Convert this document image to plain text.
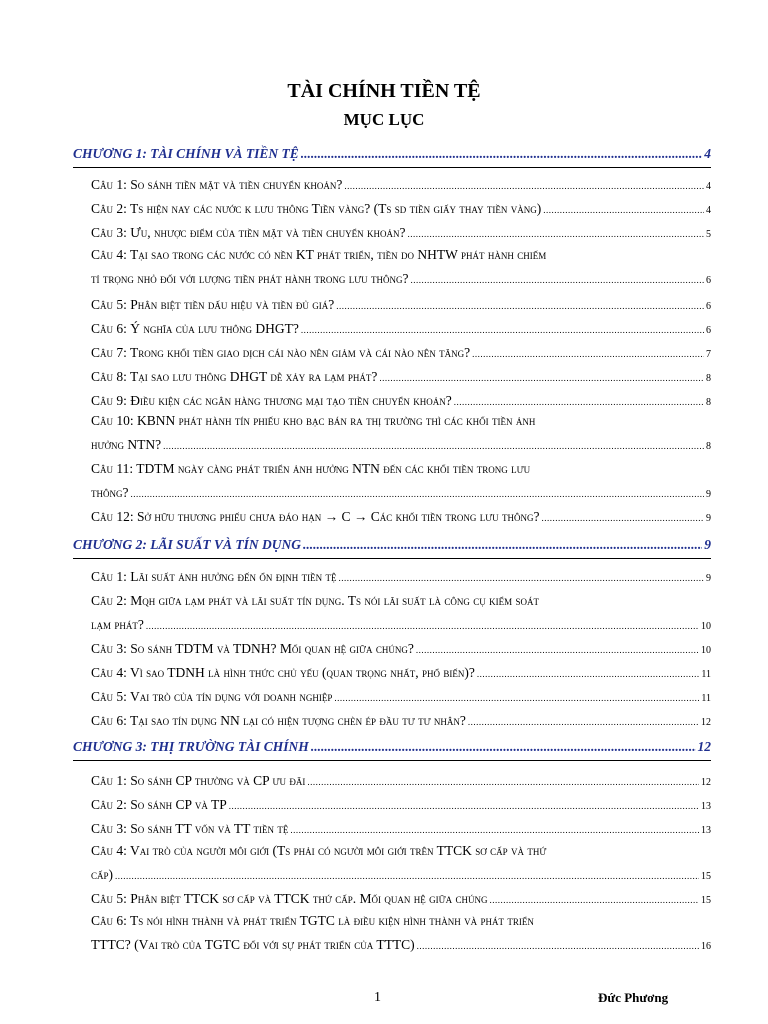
TÀI CHÍNH TIỀN TỆ
MỤC LỤC
CHƯƠNG 1: TÀI CHÍNH VÀ TIỀN TỆ .....	4
Câu 1: So sánh tiền mặt và tiền chuyển khoản? .....	4
Câu 2: Ts hiện nay các nước k lưu thông Tiền vàng? (Ts sd tiền giấy thay tiền vàng) .....	4
Câu 3: Ưu, nhược điểm của tiền mặt và tiền chuyển khoản? .....	5
Câu 4: Tại sao trong các nước có nền KT phát triển, tiền do NHTW phát hành chiếm
tỉ trọng nhỏ đối với lượng tiền phát hành trong lưu thông? .....	6
Câu 5: Phân biệt tiền dấu hiệu và tiền đủ giá? .....	6
Câu 6: Ý nghĩa của lưu thông DHGT? .....	6
Câu 7: Trong khối tiền giao dịch cái nào nên giảm và cái nào nên tăng? .....	7
Câu 8: Tại sao lưu thông DHGT dễ xảy ra lạm phát? .....	8
Câu 9: Điều kiện các ngân hàng thương mại tạo tiền chuyển khoản? .....	8
Câu 10: KBNN phát hành tín phiếu kho bạc bán ra thị trường thì các khối tiền ảnh
hưởng NTN? .....	8
Câu 11: TDTM ngày càng phát triển ảnh hưởng NTN đến các khối tiền trong lưu
thông? .....	9
Câu 12: Sở hữu thương phiếu chưa đáo hạn → C → Các khối tiền trong lưu thông? .....	9
CHƯƠNG 2: LÃI SUẤT VÀ TÍN DỤNG .....	9
Câu 1: Lãi suất ảnh hưởng đến ổn định tiền tệ .....	9
Câu 2: Mqh giữa lạm phát và lãi suất tín dụng. Ts nói lãi suất là công cụ kiểm soát
lạm phát? .....	10
Câu 3: So sánh TDTM và TDNH? Mối quan hệ giữa chúng? .....	10
Câu 4: Vì sao TDNH là hình thức chủ yếu (quan trọng nhất, phổ biến)? .....	11
Câu 5: Vai trò của tín dụng với doanh nghiệp .....	11
Câu 6: Tại sao tín dụng NN lại có hiện tượng chèn ép đầu tư tư nhân? .....	12
CHƯƠNG 3: THỊ TRƯỜNG TÀI CHÍNH .....	12
Câu 1: So sánh CP thường và CP ưu đãi .....	12
Câu 2: So sánh CP và TP .....	13
Câu 3: So sánh TT vốn và TT tiền tệ .....	13
Câu 4: Vai trò của người môi giới (Ts phải có người môi giới trên TTCK sơ cấp và thứ
cấp) .....	15
Câu 5: Phân biệt TTCK sơ cấp và TTCK thứ cấp. Mối quan hệ giữa chúng .....	15
Câu 6: Ts nói hình thành và phát triển TGTC là điều kiện hình thành và phát triển
TTTC? (Vai trò của TGTC đối với sự phát triển của TTTC) .....	16
1	Đức Phương
